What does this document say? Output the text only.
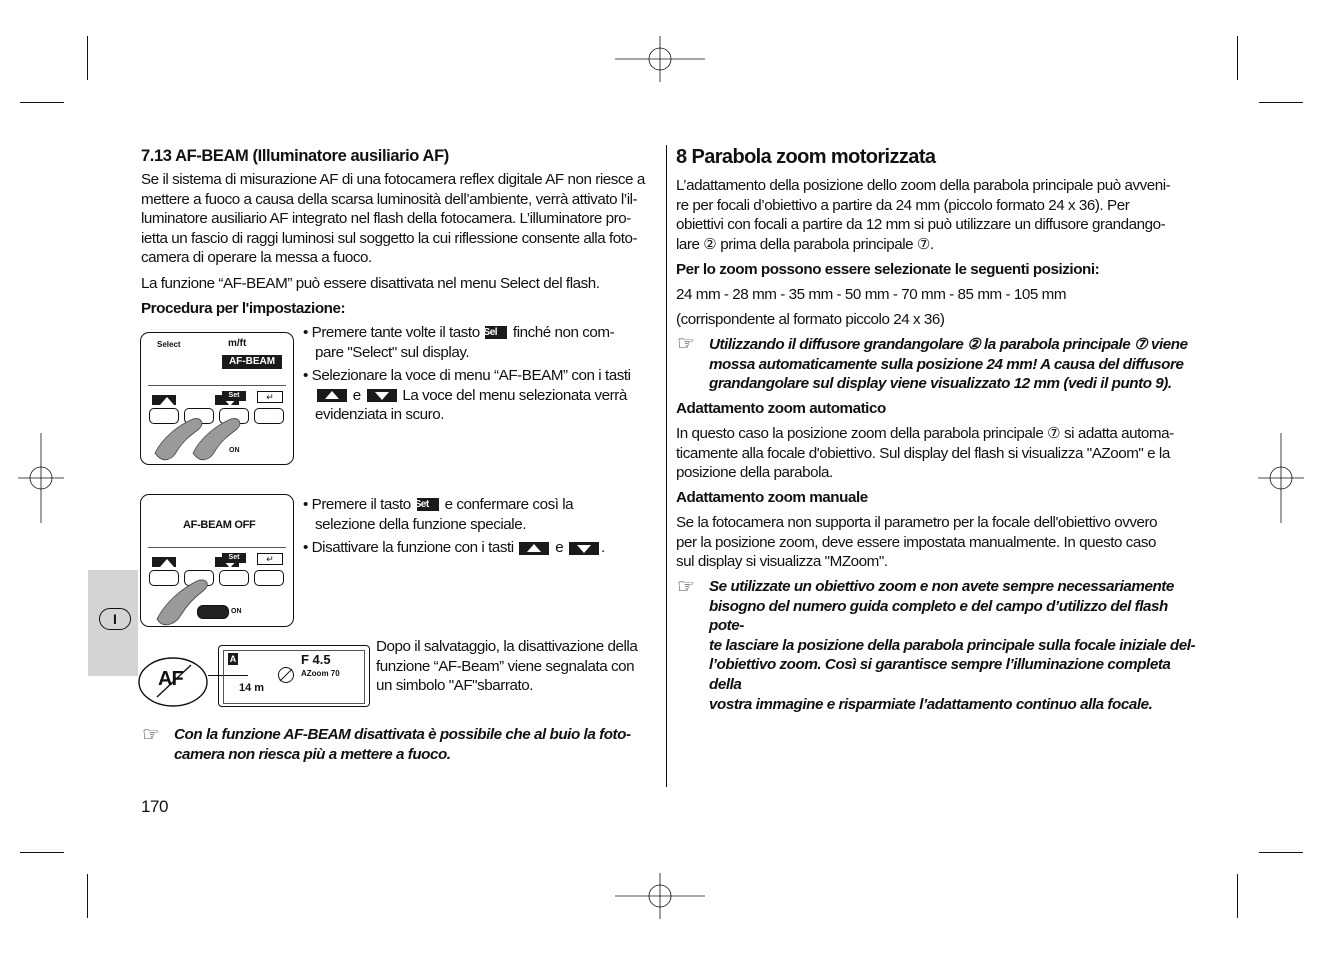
I
7.13 AF-BEAM (Illuminatore ausiliario AF)
Se il sistema di misurazione AF di una fotocamera reflex digitale AF non riesce a
mettere a fuoco a causa della scarsa luminosità dell’ambiente, verrà attivato l’il-
luminatore ausiliario AF integrato nel flash della fotocamera. L’illuminatore pro-
ietta un fascio di raggi luminosi sul soggetto la cui riflessione consente alla foto-
camera di operare la messa a fuoco.
La funzione “AF-BEAM” può essere disattivata nel menu Select del flash.
Procedura per l'impostazione:
Select	m/ft
AF-BEAM

Set	↵
ON
• Premere tante volte il tasto Sel finché non com-
pare "Select" sul display.
• Selezionare la voce di menu “AF-BEAM” con i tasti
e	La voce del menu selezionata verrà
evidenziata in scuro.
AF-BEAM OFF

Set	↵
ON
• Premere il tasto Set e confermare così la
selezione della funzione speciale.
• Disattivare la funzione con i tasti	e .
AF
A	F 4.5
AZoom 70
14 m
Dopo il salvataggio, la disattivazione della
funzione “AF-Beam” viene segnalata con
un simbolo "AF"sbarrato.
☞ Con la funzione AF-BEAM disattivata è possibile che al buio la foto-
camera non riesca più a mettere a fuoco.
170
8 Parabola zoom motorizzata
L’adattamento della posizione dello zoom della parabola principale può avveni-
re per focali d’obiettivo a partire da 24 mm (piccolo formato 24 x 36). Per
obiettivi con focali a partire da 12 mm si può utilizzare un diffusore grandango-
lare ② prima della parabola principale ⑦.
Per lo zoom possono essere selezionate le seguenti posizioni:
24 mm - 28 mm - 35 mm - 50 mm - 70 mm - 85 mm - 105 mm
(corrispondente al formato piccolo 24 x 36)
☞ Utilizzando il diffusore grandangolare ② la parabola principale ⑦ viene
mossa automaticamente sulla posizione 24 mm! A causa del diffusore
grandangolare sul display viene visualizzato 12 mm (vedi il punto 9).
Adattamento zoom automatico
In questo caso la posizione zoom della parabola principale ⑦ si adatta automa-
ticamente alla focale d'obiettivo. Sul display del flash si visualizza "AZoom" e la
posizione della parabola.
Adattamento zoom manuale
Se la fotocamera non supporta il parametro per la focale dell'obiettivo ovvero
per la posizione zoom, deve essere impostata manualmente. In questo caso
sul display si visualizza "MZoom".
☞ Se utilizzate un obiettivo zoom e non avete sempre necessariamente
bisogno del numero guida completo e del campo d’utilizzo del flash pote-
te lasciare la posizione della parabola principale sulla focale iniziale del-
l’obiettivo zoom. Così si garantisce sempre l’illuminazione completa della
vostra immagine e risparmiate l’adattamento continuo alla focale.
